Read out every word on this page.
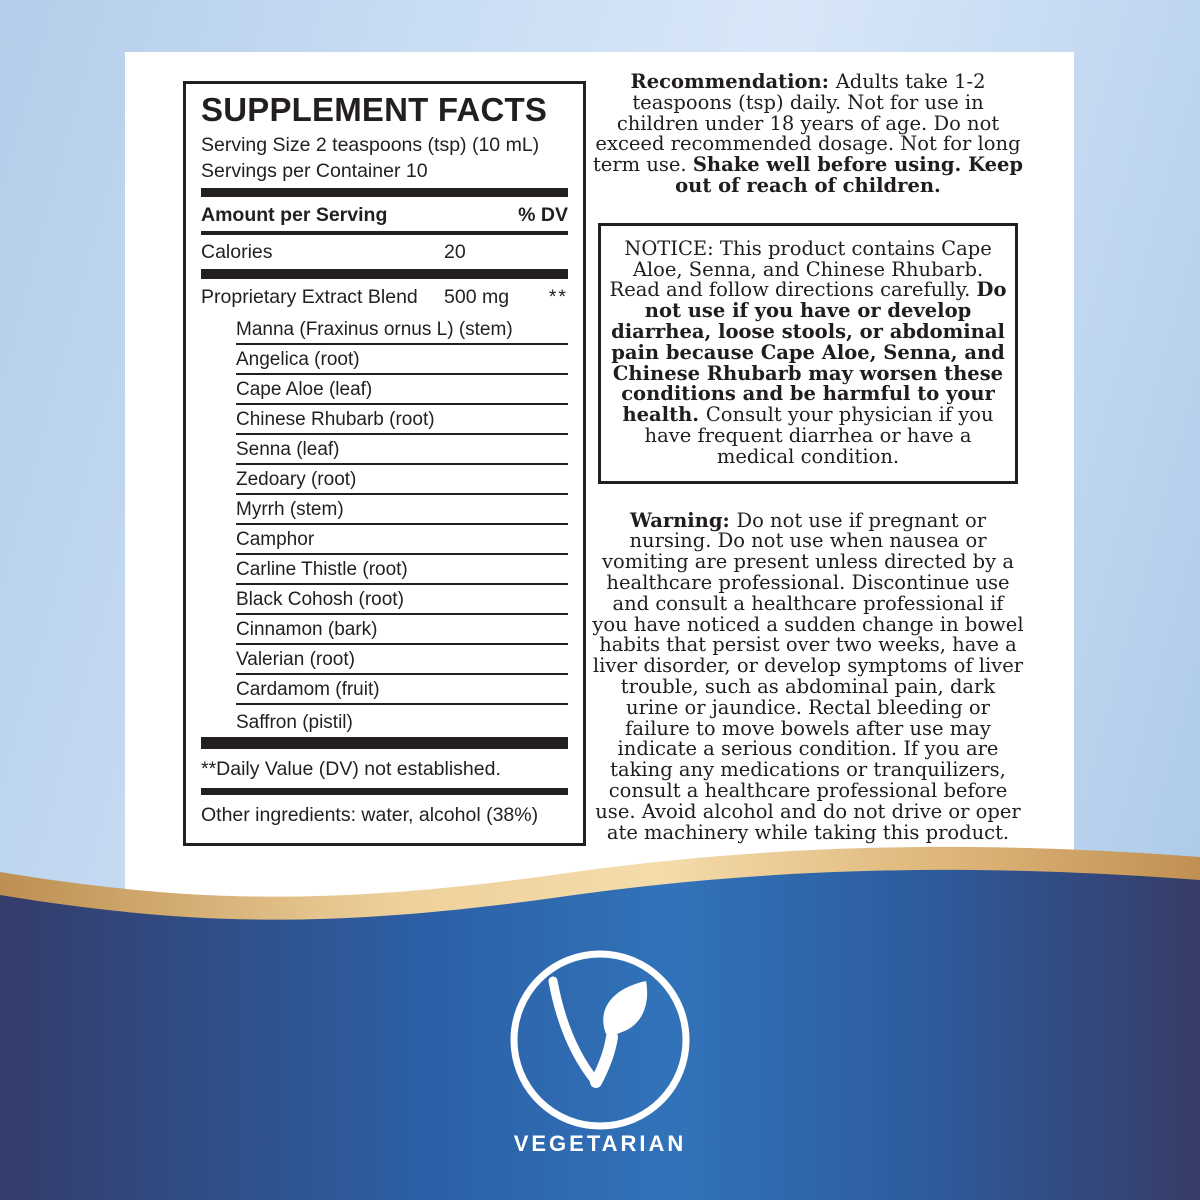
SUPPLEMENT FACTS
Serving Size 2 teaspoons (tsp) (10 mL)
Servings per Container 10
Amount per Serving	% DV
Calories	20
Proprietary Extract Blend 500 mg **
Manna (Fraxinus ornus L) (stem)
Angelica (root)
Cape Aloe (leaf)
Chinese Rhubarb (root)
Senna (leaf)
Zedoary (root)
Myrrh (stem)
Camphor
Carline Thistle (root)
Black Cohosh (root)
Cinnamon (bark)
Valerian (root)
Cardamom (fruit)
Saffron (pistil)
**Daily Value (DV) not established.
Other ingredients: water, alcohol (38%)

Recommendation: Adults take 1-2 teaspoons (tsp) daily. Not for use in children under 18 years of age. Do not exceed recommended dosage. Not for long term use. Shake well before using. Keep out of reach of children.

NOTICE: This product contains Cape Aloe, Senna, and Chinese Rhubarb. Read and follow directions carefully. Do not use if you have or develop diarrhea, loose stools, or abdominal pain because Cape Aloe, Senna, and Chinese Rhubarb may worsen these conditions and be harmful to your health. Consult your physician if you have frequent diarrhea or have a medical condition.

Warning: Do not use if pregnant or nursing. Do not use when nausea or vomiting are present unless directed by a healthcare professional. Discontinue use and consult a healthcare professional if you have noticed a sudden change in bowel habits that persist over two weeks, have a liver disorder, or develop symptoms of liver trouble, such as abdominal pain, dark urine or jaundice. Rectal bleeding or failure to move bowels after use may indicate a serious condition. If you are taking any medications or tranquilizers, consult a healthcare professional before use. Avoid alcohol and do not drive or oper ate machinery while taking this product.

VEGETARIAN
